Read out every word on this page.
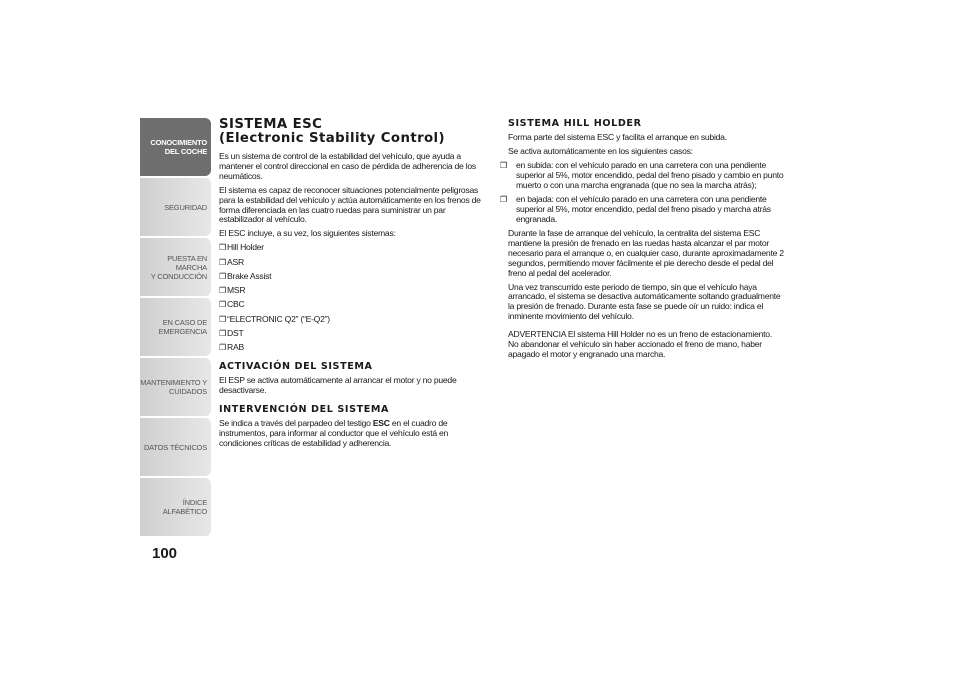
CONOCIMIENTO
DEL COCHE
SEGURIDAD
PUESTA EN MARCHA
Y CONDUCCIÓN
EN CASO DE
EMERGENCIA
MANTENIMIENTO Y
CUIDADOS
DATOS TÉCNICOS
ÍNDICE ALFABÉTICO
100
SISTEMA ESC
(Electronic Stability Control)

Es un sistema de control de la estabilidad del vehículo, que ayuda a mantener el control direccional en caso de pérdida de adherencia de los neumáticos.

El sistema es capaz de reconocer situaciones potencialmente peligrosas para la estabilidad del vehículo y actúa automáticamente en los frenos de forma diferenciada en las cuatro ruedas para suministrar un par estabilizador al vehículo.

El ESC incluye, a su vez, los siguientes sistemas:

❒Hill Holder
❒ASR
❒Brake Assist
❒MSR
❒CBC
❒“ELECTRONIC Q2” (“E-Q2”)
❒DST
❒RAB
ACTIVACIÓN DEL SISTEMA

El ESP se activa automáticamente al arrancar el motor y no puede desactivarse.

INTERVENCIÓN DEL SISTEMA

Se indica a través del parpadeo del testigo ESC en el cuadro de instrumentos, para informar al conductor que el vehículo está en condiciones críticas de estabilidad y adherencia.

SISTEMA HILL HOLDER

Forma parte del sistema ESC y facilita el arranque en subida.

Se activa automáticamente en los siguientes casos:

❒ en subida: con el vehículo parado en una carretera con una pendiente superior al 5%, motor encendido, pedal del freno pisado y cambio en punto muerto o con una marcha engranada (que no sea la marcha atrás);
❒ en bajada: con el vehículo parado en una carretera con una pendiente superior al 5%, motor encendido, pedal del freno pisado y marcha atrás engranada.

Durante la fase de arranque del vehículo, la centralita del sistema ESC mantiene la presión de frenado en las ruedas hasta alcanzar el par motor necesario para el arranque o, en cualquier caso, durante aproximadamente 2 segundos, permitiendo mover fácilmente el pie derecho desde el pedal del freno al pedal del acelerador.

Una vez transcurrido este periodo de tiempo, sin que el vehículo haya arrancado, el sistema se desactiva automáticamente soltando gradualmente la presión de frenado. Durante esta fase se puede oír un ruido: indica el inminente movimiento del vehículo.

ADVERTENCIA El sistema Hill Holder no es un freno de estacionamiento. No abandonar el vehículo sin haber accionado el freno de mano, haber apagado el motor y engranado una marcha.
